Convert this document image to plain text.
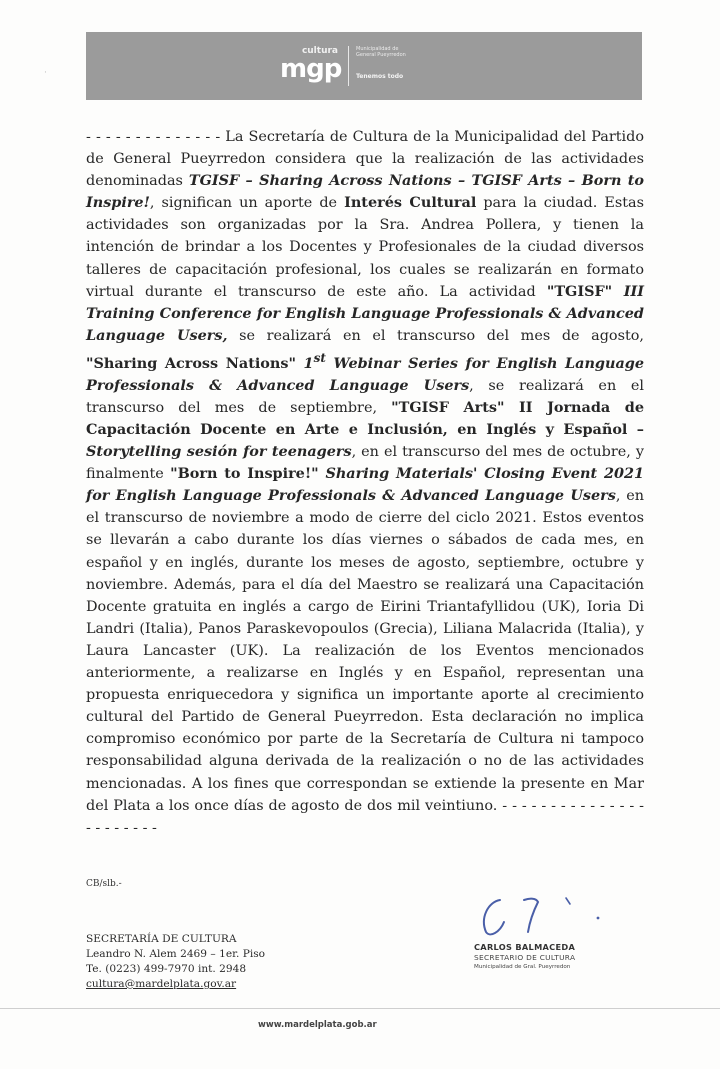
cultura
mgp
Municipalidad de
General Pueyrredon
Tenemos todo
·

- - - - - - - - - - - - - - La Secretaría de Cultura de la Municipalidad del Partido de General Pueyrredon considera que la realización de las actividades denominadas TGISF – Sharing Across Nations – TGISF Arts – Born to Inspire!, significan un aporte de Interés Cultural para la ciudad. Estas actividades son organizadas por la Sra. Andrea Pollera, y tienen la intención de brindar a los Docentes y Profesionales de la ciudad diversos talleres de capacitación profesional, los cuales se realizarán en formato virtual durante el transcurso de este año. La actividad "TGISF" III Training Conference for English Language Professionals & Advanced Language Users, se realizará en el transcurso del mes de agosto, "Sharing Across Nations" 1st Webinar Series for English Language Professionals & Advanced Language Users, se realizará en el transcurso del mes de septiembre, "TGISF Arts" II Jornada de Capacitación Docente en Arte e Inclusión, en Inglés y Español – Storytelling sesión for teenagers, en el transcurso del mes de octubre, y finalmente "Born to Inspire!" Sharing Materials' Closing Event 2021 for English Language Professionals & Advanced Language Users, en el transcurso de noviembre a modo de cierre del ciclo 2021. Estos eventos se llevarán a cabo durante los días viernes o sábados de cada mes, en español y en inglés, durante los meses de agosto, septiembre, octubre y noviembre. Además, para el día del Maestro se realizará una Capacitación Docente gratuita en inglés a cargo de Eirini Triantafyllidou (UK), Ioria Di Landri (Italia), Panos Paraskevopoulos (Grecia), Liliana Malacrida (Italia), y Laura Lancaster (UK). La realización de los Eventos mencionados anteriormente, a realizarse en Inglés y en Español, representan una propuesta enriquecedora y significa un importante aporte al crecimiento cultural del Partido de General Pueyrredon. Esta declaración no implica compromiso económico por parte de la Secretaría de Cultura ni tampoco responsabilidad alguna derivada de la realización o no de las actividades mencionadas. A los fines que correspondan se extiende la presente en Mar del Plata a los once días de agosto de dos mil veintiuno. - - - - - - - - - - - - - - - - - - - - - - -

CB/slb.-
SECRETARÍA DE CULTURA
Leandro N. Alem 2469 – 1er. Piso
Te. (0223) 499-7970 int. 2948
cultura@mardelplata.gov.ar
CARLOS BALMACEDA
SECRETARIO DE CULTURA
Municipalidad de Gral. Pueyrredon
www.mardelplata.gob.ar
